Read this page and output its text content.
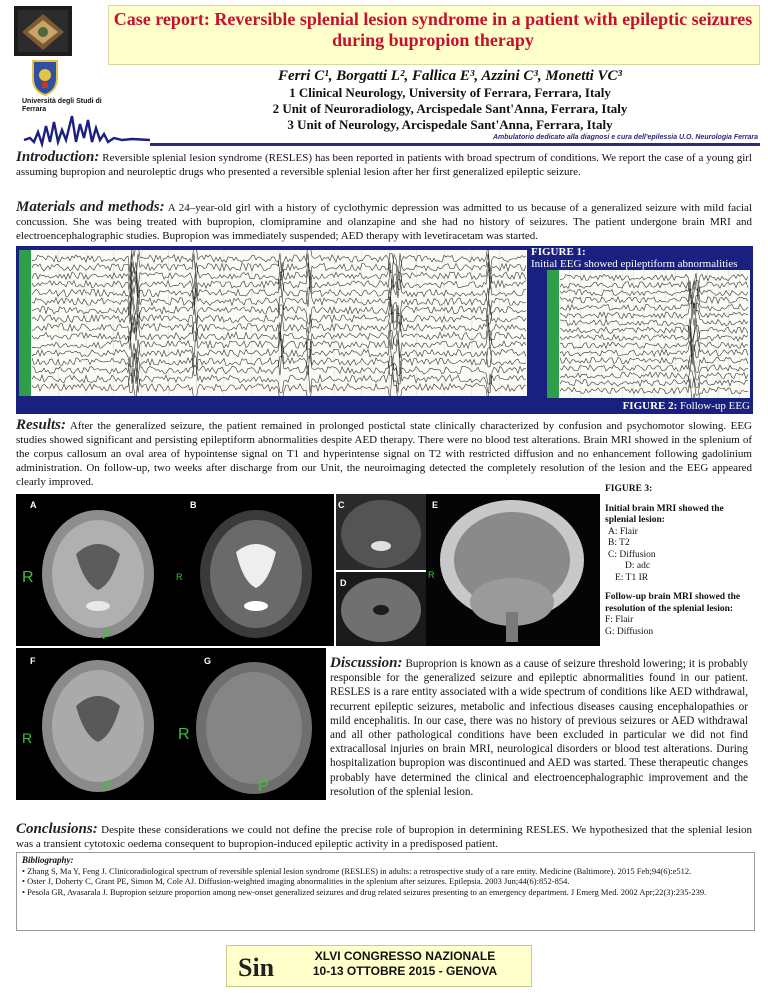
Case report: Reversible splenial lesion syndrome in a patient with epileptic seizures during bupropion therapy
Università degli Studi di Ferrara
Ferri C¹, Borgatti L², Fallica E³, Azzini C³, Monetti VC³
1 Clinical Neurology, University of Ferrara, Ferrara, Italy
2 Unit of Neuroradiology, Arcispedale Sant'Anna, Ferrara, Italy
3 Unit of Neurology, Arcispedale Sant'Anna, Ferrara, Italy
Ambulatorio dedicato alla diagnosi e cura dell'epilessia U.O. Neurologia Ferrara
Introduction: Reversible splenial lesion syndrome (RESLES) has been reported in patients with broad spectrum of conditions. We report the case of a young girl assuming bupropion and neuroleptic drugs who presented a reversible splenial lesion after her first generalized epileptic seizure.
Materials and methods: A 24–year-old girl with a history of cyclothymic depression was admitted to us because of a generalized seizure with mild facial concussion. She was being treated with bupropion, clomipramine and olanzapine and she had no history of seizures. The patient undergone brain MRI and electroencephalographic studies. Bupropion was immediately suspended; AED therapy with levetiracetam was started.
FIGURE 1:
Initial EEG showed epileptiform abnormalities
FIGURE 2: Follow-up EEG
Results: After the generalized seizure, the patient remained in prolonged postictal state clinically characterized by confusion and psychomotor slowing. EEG studies showed significant and persisting epileptiform abnormalities despite AED therapy. There were no blood test alterations. Brain MRI showed in the splenium of the corpus callosum an oval area of hypointense signal on T1 and hyperintense signal on T2 with restricted diffusion and no enhancement following gadolinium administration. On follow-up, two weeks after discharge from our Unit, the neuroimaging detected the completely resolution of the lesion and the EEG appeared clearly improved.
A
R
P
B
R
C
D
E
R
F
R
P
G
R
P
FIGURE 3:
Initial brain MRI showed the splenial lesion:
A: Flair
B: T2
C: Diffusion
D: adc
E: T1 IR
Follow-up brain MRI showed the resolution of the splenial lesion:
F: Flair
G: Diffusion
Discussion: Buproprion is known as a cause of seizure threshold lowering; it is probably responsible for the generalized seizure and epileptic abnormalities found in our patient. RESLES is a rare entity associated with a wide spectrum of conditions like AED withdrawal, recurrent epileptic seizures, metabolic and infectious diseases causing encephalopathies or mild encephalitis. In our case, there was no history of previous seizures or AED withdrawal and all other pathological conditions have been excluded in particular we did not find extracallosal injuries on brain MRI, neurological disorders or blood test alterations. During hospitalization bupropion was discontinued and AED was started. These therapeutic changes probably have determined the clinical and electroencephalographic improvement and the resolution of the splenial lesion.
Conclusions: Despite these considerations we could not define the precise role of bupropion in determining RESLES. We hypothesized that the splenial lesion was a transient cytotoxic oedema consequent to bupropion-induced epileptic activity in a predisposed patient.
Bibliography:
• Zhang S, Ma Y, Feng J. Clinicoradiological spectrum of reversible splenial lesion syndrome (RESLES) in adults: a retrospective study of a rare entity. Medicine (Baltimore). 2015 Feb;94(6):e512.
• Oster J, Doherty C, Grant PE, Simon M, Cole AJ. Diffusion-weighted imaging abnormalities in the splenium after seizures. Epilepsia. 2003 Jun;44(6):852-854.
• Pesola GR, Avasarala J. Bupropion seizure proportion among new-onset generalized seizures and drug related seizures presenting to an emergency department. J Emerg Med. 2002 Apr;22(3):235-239.
Sin	XLVI CONGRESSO NAZIONALE
10-13 OTTOBRE 2015 - GENOVA
